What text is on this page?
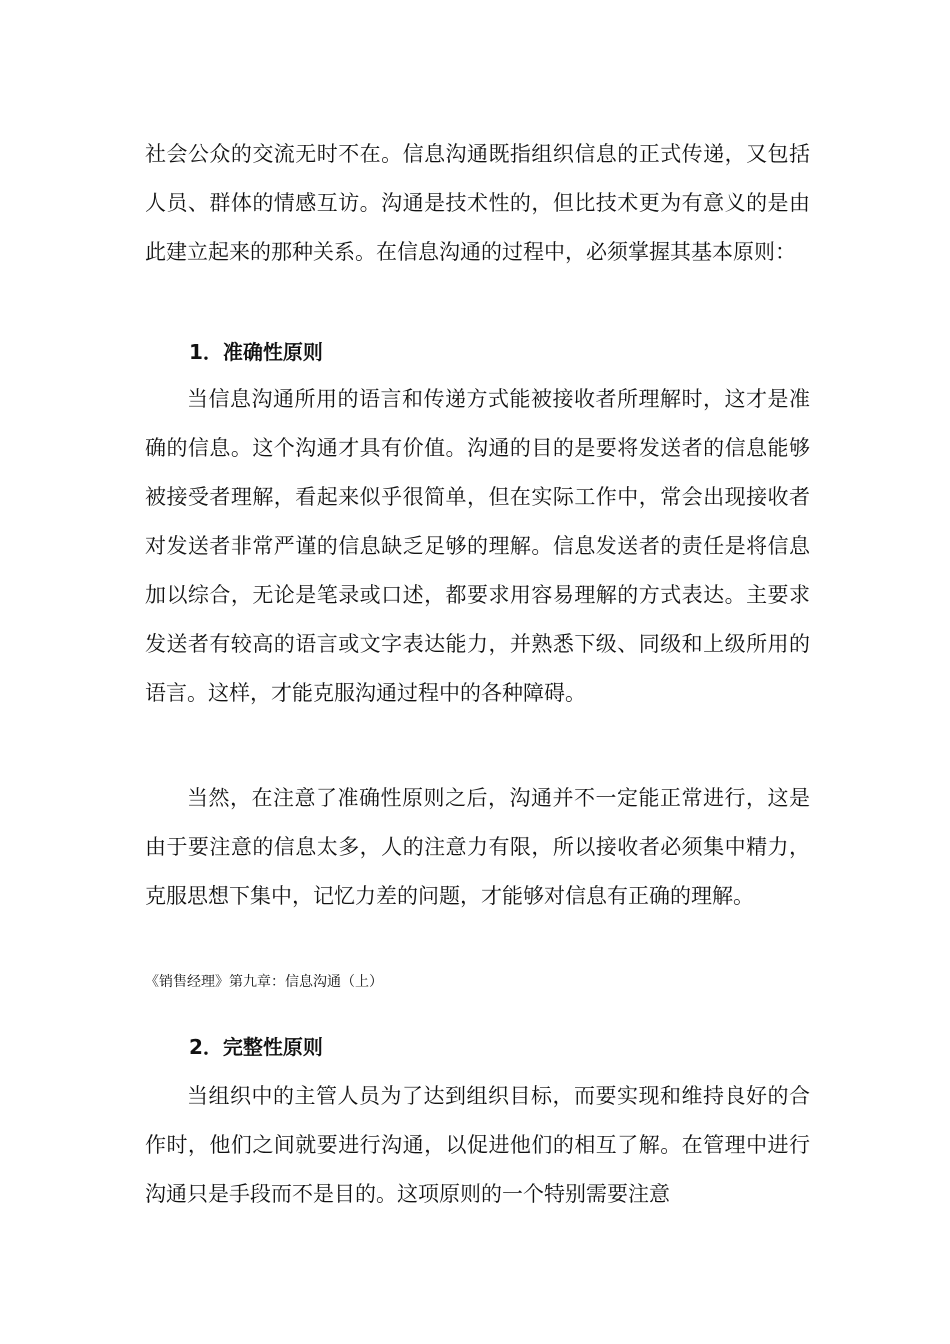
社会公众的交流无时不在。信息沟通既指组织信息的正式传递，又包括人员、群体的情感互访。沟通是技术性的，但比技术更为有意义的是由此建立起来的那种关系。在信息沟通的过程中，必须掌握其基本原则：

1．准确性原则

当信息沟通所用的语言和传递方式能被接收者所理解时，这才是准确的信息。这个沟通才具有价值。沟通的目的是要将发送者的信息能够被接受者理解，看起来似乎很简单，但在实际工作中，常会出现接收者对发送者非常严谨的信息缺乏足够的理解。信息发送者的责任是将信息加以综合，无论是笔录或口述，都要求用容易理解的方式表达。主要求发送者有较高的语言或文字表达能力，并熟悉下级、同级和上级所用的语言。这样，才能克服沟通过程中的各种障碍。

当然，在注意了准确性原则之后，沟通并不一定能正常进行，这是由于要注意的信息太多，人的注意力有限，所以接收者必须集中精力，克服思想下集中，记忆力差的问题，才能够对信息有正确的理解。

《销售经理》第九章：信息沟通（上）

2．完整性原则

当组织中的主管人员为了达到组织目标，而要实现和维持良好的合作时，他们之间就要进行沟通，以促进他们的相互了解。在管理中进行沟通只是手段而不是目的。这项原则的一个特别需要注意
